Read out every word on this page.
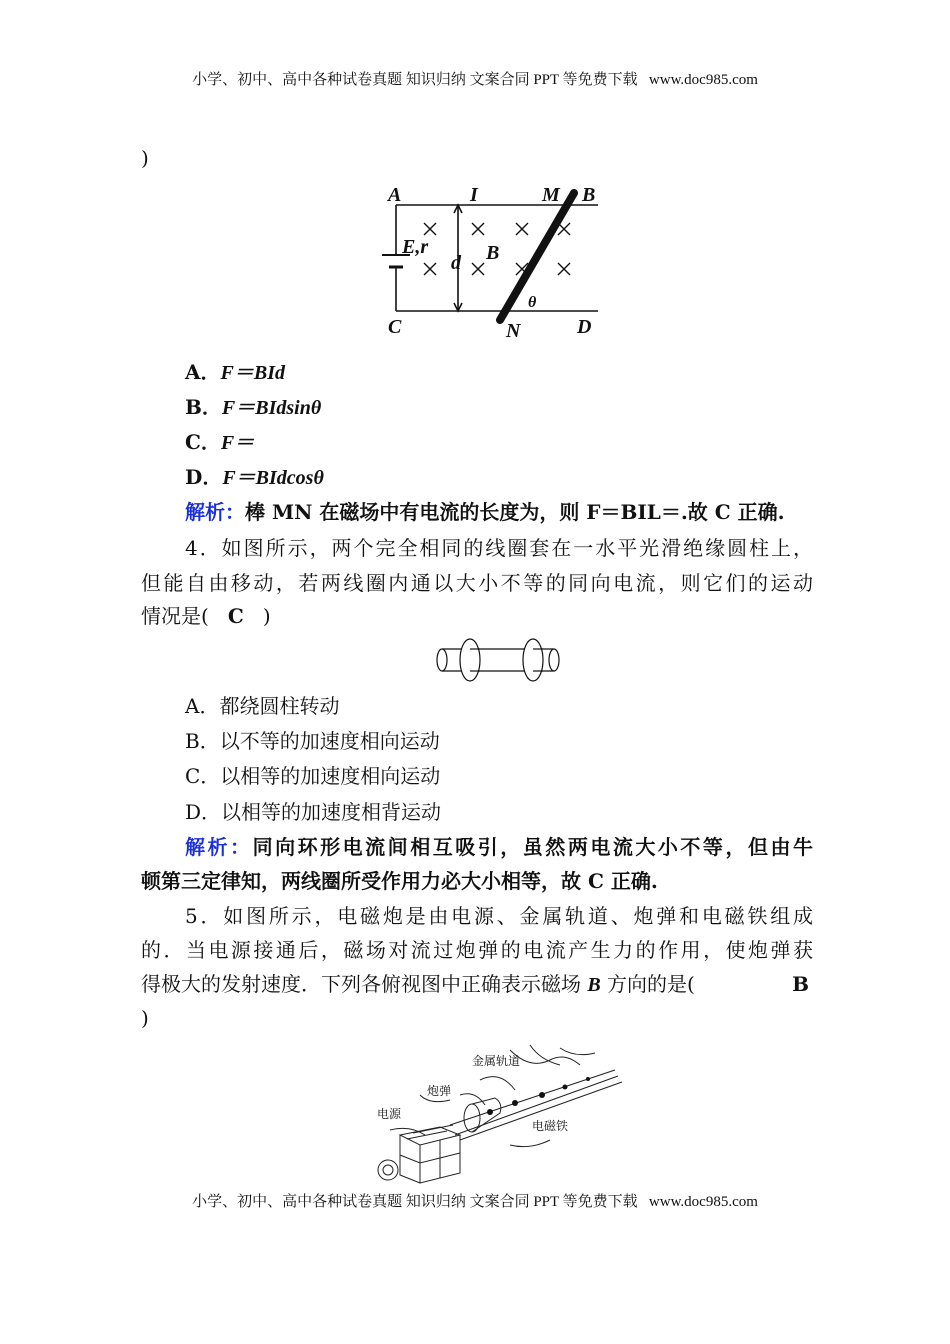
小学、初中、高中各种试卷真题 知识归纳 文案合同 PPT 等免费下载   www.doc985.com
)
A	I	M B
E,r
d B
θ
C	N	D
A．F＝BId
B．F＝BIdsinθ
C．F＝
D．F＝BIdcosθ
解析：棒 MN 在磁场中有电流的长度为，则 F＝BIL＝.故 C 正确.
4．如图所示，两个完全相同的线圈套在一水平光滑绝缘圆柱上，
但能自由移动，若两线圈内通以大小不等的同向电流，则它们的运动
情况是( C )
A．都绕圆柱转动
B．以不等的加速度相向运动
C．以相等的加速度相向运动
D．以相等的加速度相背运动
解析：同向环形电流间相互吸引，虽然两电流大小不等，但由牛
顿第三定律知，两线圈所受作用力必大小相等，故 C 正确.
5．如图所示，电磁炮是由电源、金属轨道、炮弹和电磁铁组成
的．当电源接通后，磁场对流过炮弹的电流产生力的作用，使炮弹获
得极大的发射速度．下列各俯视图中正确表示磁场 B 方向的是(	B
)
金属轨道
炮弹
电源
电磁铁
小学、初中、高中各种试卷真题 知识归纳 文案合同 PPT 等免费下载   www.doc985.com
